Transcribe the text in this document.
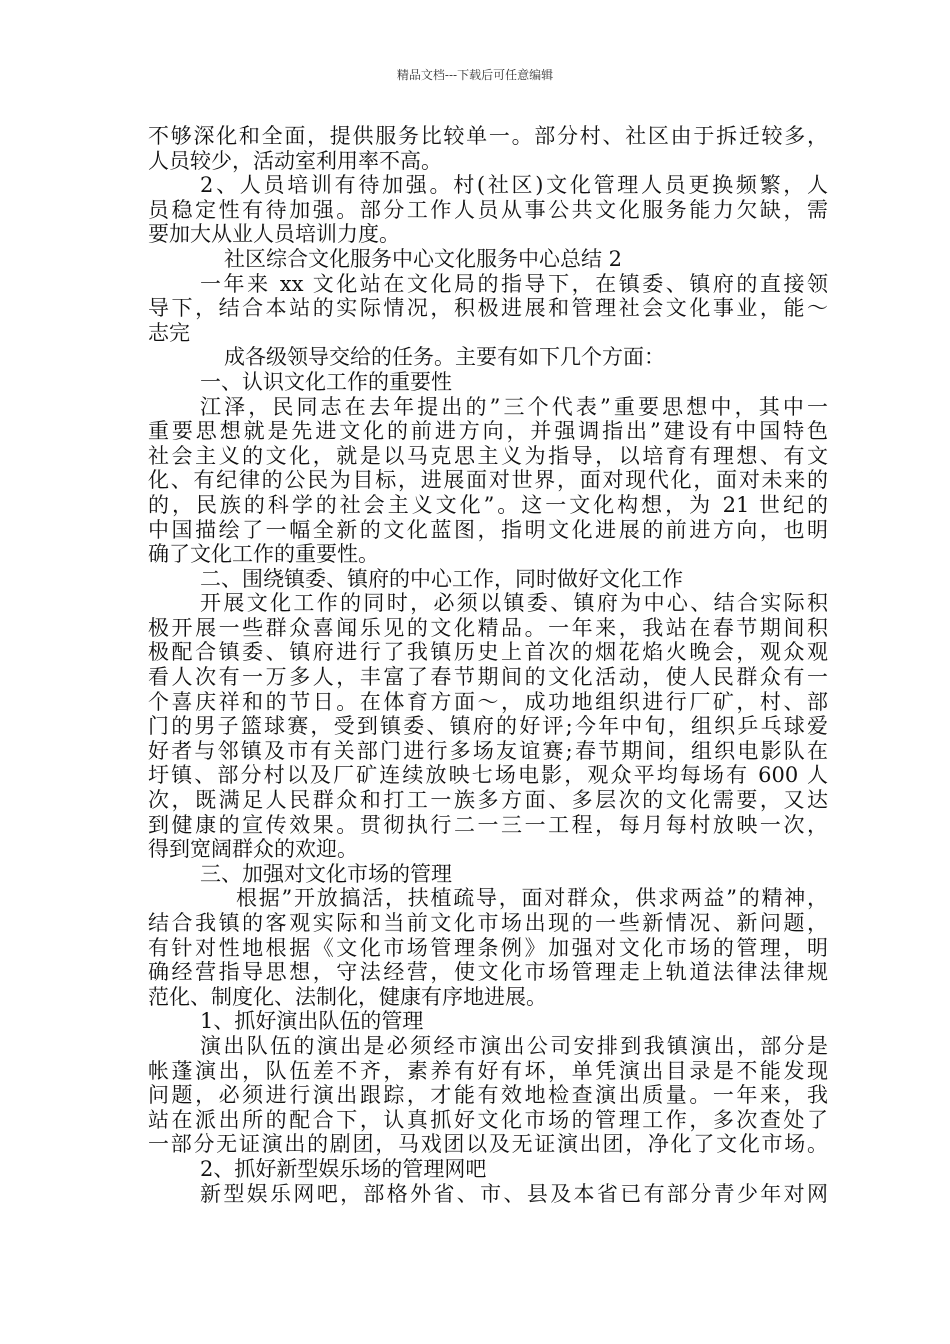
精品文档---下载后可任意编辑
不够深化和全面，提供服务比较单一。部分村、社区由于拆迁较多，
人员较少，活动室利用率不高。
2、人员培训有待加强。村(社区)文化管理人员更换频繁，人
员稳定性有待加强。部分工作人员从事公共文化服务能力欠缺，需
要加大从业人员培训力度。
社区综合文化服务中心文化服务中心总结 2
一年来 xx 文化站在文化局的指导下，在镇委、镇府的直接领
导下，结合本站的实际情况，积极进展和管理社会文化事业，能～
志完
成各级领导交给的任务。主要有如下几个方面：
一、认识文化工作的重要性
江泽，民同志在去年提出的”三个代表”重要思想中，其中一
重要思想就是先进文化的前进方向，并强调指出”建设有中国特色
社会主义的文化，就是以马克思主义为指导，以培育有理想、有文
化、有纪律的公民为目标，进展面对世界，面对现代化，面对未来的
的，民族的科学的社会主义文化”。这一文化构想，为 21 世纪的
中国描绘了一幅全新的文化蓝图，指明文化进展的前进方向，也明
确了文化工作的重要性。
二、围绕镇委、镇府的中心工作，同时做好文化工作
开展文化工作的同时，必须以镇委、镇府为中心、结合实际积
极开展一些群众喜闻乐见的文化精品。一年来，我站在春节期间积
极配合镇委、镇府进行了我镇历史上首次的烟花焰火晚会，观众观
看人次有一万多人，丰富了春节期间的文化活动，使人民群众有一
个喜庆祥和的节日。在体育方面～，成功地组织进行厂矿，村、部
门的男子篮球赛，受到镇委、镇府的好评;今年中旬，组织乒乓球爱
好者与邻镇及市有关部门进行多场友谊赛;春节期间，组织电影队在
圩镇、部分村以及厂矿连续放映七场电影，观众平均每场有 600 人
次，既满足人民群众和打工一族多方面、多层次的文化需要，又达
到健康的宣传效果。贯彻执行二一三一工程，每月每村放映一次，
得到宽阔群众的欢迎。
三、加强对文化市场的管理
根据”开放搞活，扶植疏导，面对群众，供求两益”的精神，
结合我镇的客观实际和当前文化市场出现的一些新情况、新问题，
有针对性地根据《文化市场管理条例》加强对文化市场的管理，明
确经营指导思想，守法经营，使文化市场管理走上轨道法律法律规
范化、制度化、法制化，健康有序地进展。
1、抓好演出队伍的管理
演出队伍的演出是必须经市演出公司安排到我镇演出，部分是
帐蓬演出，队伍差不齐，素养有好有坏，单凭演出目录是不能发现
问题，必须进行演出跟踪，才能有效地检查演出质量。一年来，我
站在派出所的配合下，认真抓好文化市场的管理工作，多次查处了
一部分无证演出的剧团，马戏团以及无证演出团，净化了文化市场。
2、抓好新型娱乐场的管理网吧
新型娱乐网吧，部格外省、市、县及本省已有部分青少年对网
